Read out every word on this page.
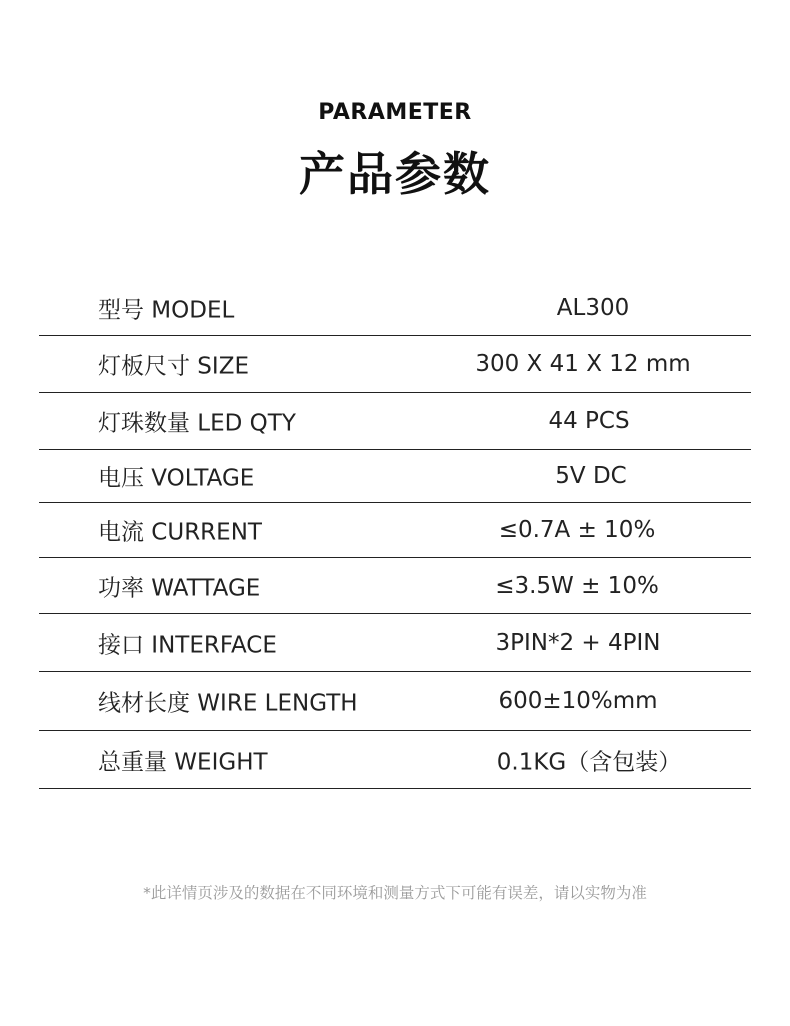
PARAMETER
产品参数
型号 MODEL	AL300
灯板尺寸 SIZE	300 X 41 X 12 mm
灯珠数量 LED QTY	44 PCS
电压 VOLTAGE	5V DC
电流 CURRENT	≤0.7A ± 10%
功率 WATTAGE	≤3.5W ± 10%
接口 INTERFACE	3PIN*2 + 4PIN
线材长度 WIRE LENGTH	600±10%mm
总重量 WEIGHT	0.1KG（含包装）
*此详情页涉及的数据在不同环境和测量方式下可能有误差，请以实物为准
